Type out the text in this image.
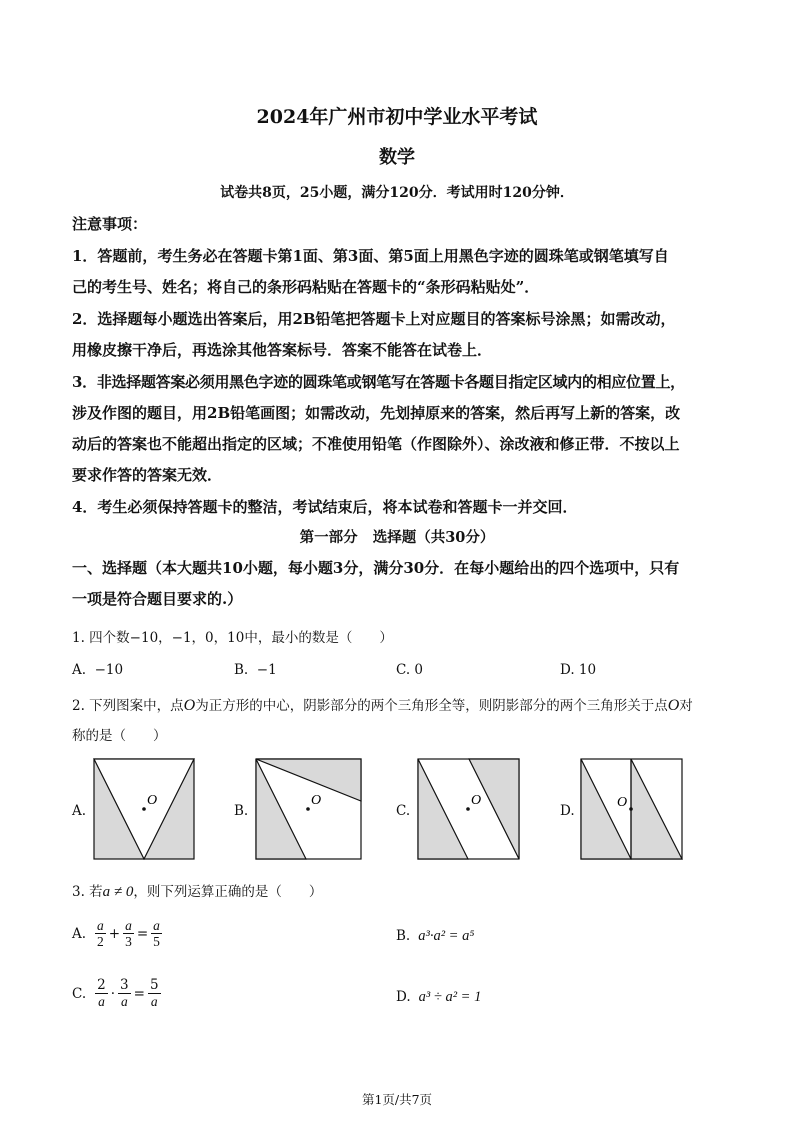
2024年广州市初中学业水平考试
数学
试卷共8页，25小题，满分120分．考试用时120分钟．
注意事项：
1．答题前，考生务必在答题卡第1面、第3面、第5面上用黑色字迹的圆珠笔或钢笔填写自
己的考生号、姓名；将自己的条形码粘贴在答题卡的“条形码粘贴处”．
2．选择题每小题选出答案后，用2B铅笔把答题卡上对应题目的答案标号涂黑；如需改动，
用橡皮擦干净后，再选涂其他答案标号．答案不能答在试卷上．
3．非选择题答案必须用黑色字迹的圆珠笔或钢笔写在答题卡各题目指定区域内的相应位置上，
涉及作图的题目，用2B铅笔画图；如需改动，先划掉原来的答案，然后再写上新的答案，改
动后的答案也不能超出指定的区域；不准使用铅笔（作图除外）、涂改液和修正带．不按以上
要求作答的答案无效．
4．考生必须保持答题卡的整洁，考试结束后，将本试卷和答题卡一并交回．
第一部分   选择题（共30分）
一、选择题（本大题共10小题，每小题3分，满分30分．在每小题给出的四个选项中，只有
一项是符合题目要求的.）
1. 四个数−10，−1，0，10中，最小的数是（　　）
A.  −10	B.  −1	C. 0	D. 10
2. 下列图案中，点O为正方形的中心，阴影部分的两个三角形全等，则阴影部分的两个三角形关于点O对
称的是（　　）
A.
O
B.
O
C.
O
D.
O
3. 若a ≠ 0，则下列运算正确的是（　　）
A. $\frac{a}{2} + \frac{a}{3} = \frac{a}{5}$	B. a³·a² = a⁵
C. $\frac{2}{a} \cdot \frac{3}{a} = \frac{5}{a}$	D. a³ ÷ a² = 1
第1页/共7页
